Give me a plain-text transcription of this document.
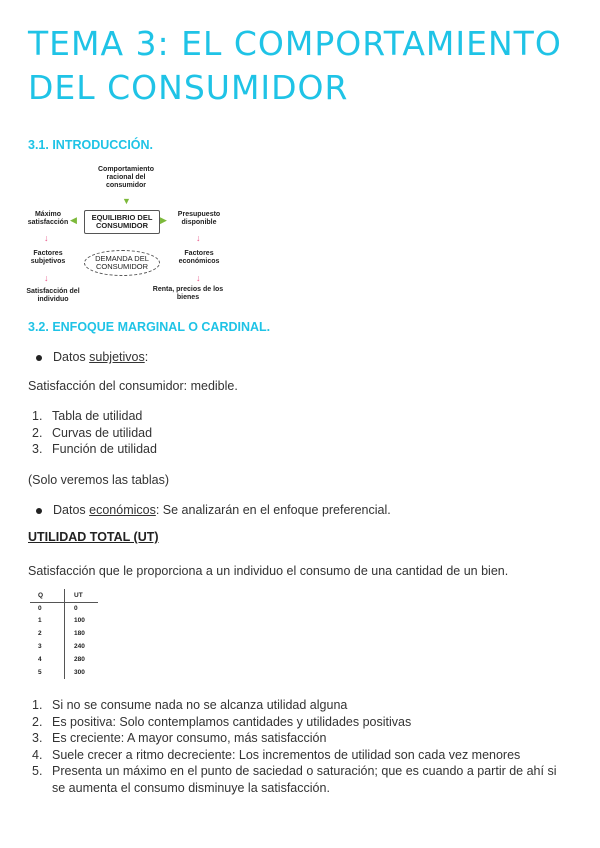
TEMA 3: EL COMPORTAMIENTO DEL CONSUMIDOR
3.1. INTRODUCCIÓN.
Comportamiento racional del consumidor
▼
EQUILIBRIO DEL CONSUMIDOR
◀	▶
Máximo satisfacción
Presupuesto disponible
↓	↓
DEMANDA DEL CONSUMIDOR
Factores subjetivos
Factores económicos
↓	↓
Satisfacción del individuo
Renta, precios de los bienes
3.2. ENFOQUE MARGINAL O CARDINAL.
Datos subjetivos:

Satisfacción del consumidor: medible.

1. Tabla de utilidad
2. Curvas de utilidad
3. Función de utilidad

(Solo veremos las tablas)

Datos económicos: Se analizarán en el enfoque preferencial.
UTILIDAD TOTAL (UT)

Satisfacción que le proporciona a un individuo el consumo de una cantidad de un bien.

Q	UT
0	0
1	100
2	180
3	240
4	280
5	300
1. Si no se consume nada no se alcanza utilidad alguna
2. Es positiva: Solo contemplamos cantidades y utilidades positivas
3. Es creciente: A mayor consumo, más satisfacción
4. Suele crecer a ritmo decreciente: Los incrementos de utilidad son cada vez menores
5. Presenta un máximo en el punto de saciedad o saturación; que es cuando a partir de ahí si se aumenta el consumo disminuye la satisfacción.
